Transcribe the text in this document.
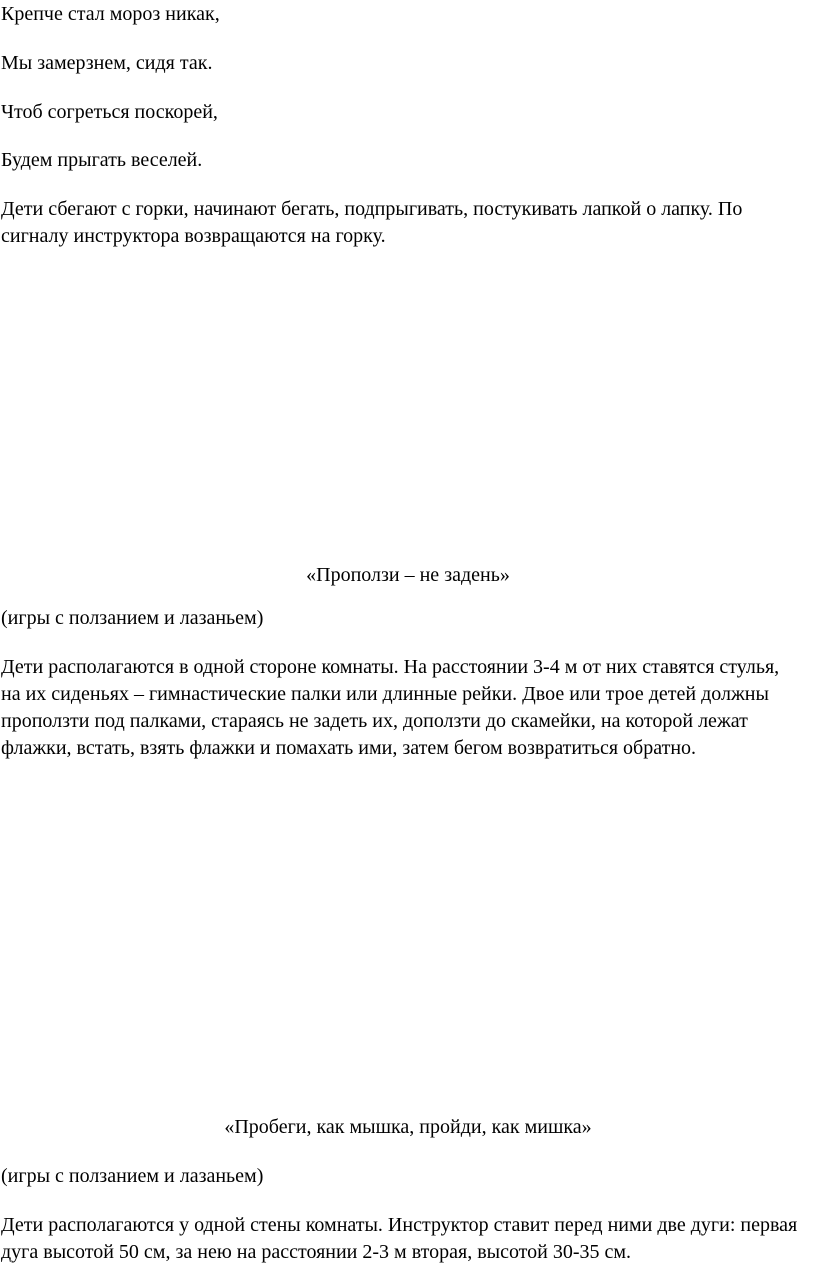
Крепче стал мороз никак,

Мы замерзнем, сидя так.

Чтоб согреться поскорей,

Будем прыгать веселей.

Дети сбегают с горки, начинают бегать, подпрыгивать, постукивать лапкой о лапку. По сигналу инструктора возвращаются на горку.

«Проползи – не задень»

(игры с ползанием и лазаньем)

Дети располагаются в одной стороне комнаты. На расстоянии 3-4 м от них ставятся стулья, на их сиденьях – гимнастические палки или длинные рейки. Двое или трое детей должны проползти под палками, стараясь не задеть их, доползти до скамейки, на которой лежат флажки, встать, взять флажки и помахать ими, затем бегом возвратиться обратно.

«Пробеги, как мышка, пройди, как мишка»

(игры с ползанием и лазаньем)

Дети располагаются у одной стены комнаты. Инструктор ставит перед ними две дуги: первая дуга высотой 50 см, за нею на расстоянии 2-3 м вторая, высотой 30-35 см.
